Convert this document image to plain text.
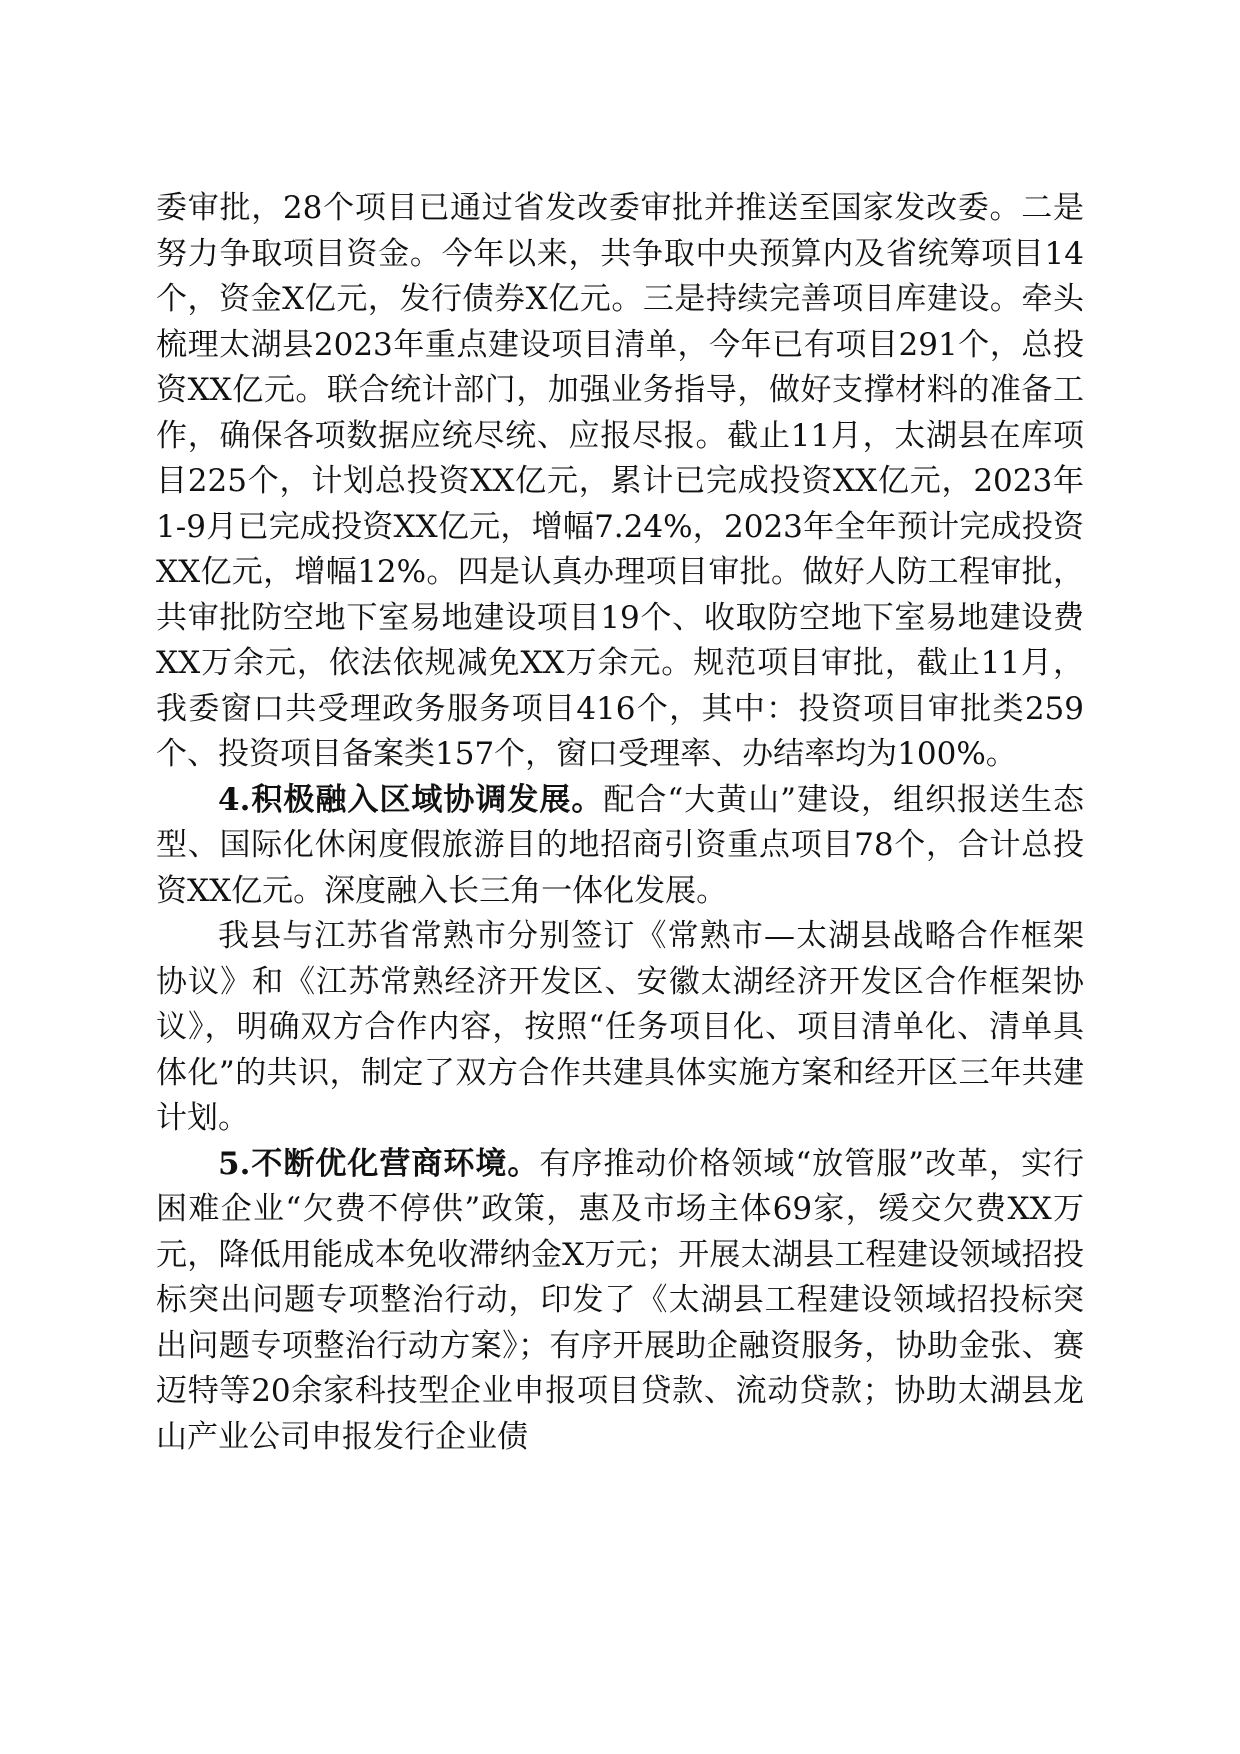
委审批，28个项目已通过省发改委审批并推送至国家发改委。二是努力争取项目资金。今年以来，共争取中央预算内及省统筹项目14个，资金X亿元，发行债券X亿元。三是持续完善项目库建设。牵头梳理太湖县2023年重点建设项目清单，今年已有项目291个，总投资XX亿元。联合统计部门，加强业务指导，做好支撑材料的准备工作，确保各项数据应统尽统、应报尽报。截止11月，太湖县在库项目225个，计划总投资XX亿元，累计已完成投资XX亿元，2023年1-9月已完成投资XX亿元，增幅7.24%，2023年全年预计完成投资XX亿元，增幅12%。四是认真办理项目审批。做好人防工程审批，共审批防空地下室易地建设项目19个、收取防空地下室易地建设费XX万余元，依法依规减免XX万余元。规范项目审批，截止11月，我委窗口共受理政务服务项目416个，其中：投资项目审批类259个、投资项目备案类157个，窗口受理率、办结率均为100%。

4.积极融入区域协调发展。配合“大黄山”建设，组织报送生态型、国际化休闲度假旅游目的地招商引资重点项目78个，合计总投资XX亿元。深度融入长三角一体化发展。

我县与江苏省常熟市分别签订《常熟市—太湖县战略合作框架协议》和《江苏常熟经济开发区、安徽太湖经济开发区合作框架协议》，明确双方合作内容，按照“任务项目化、项目清单化、清单具体化”的共识，制定了双方合作共建具体实施方案和经开区三年共建计划。

5.不断优化营商环境。有序推动价格领域“放管服”改革，实行困难企业“欠费不停供”政策，惠及市场主体69家，缓交欠费XX万元，降低用能成本免收滞纳金X万元；开展太湖县工程建设领域招投标突出问题专项整治行动，印发了《太湖县工程建设领域招投标突出问题专项整治行动方案》；有序开展助企融资服务，协助金张、赛迈特等20余家科技型企业申报项目贷款、流动贷款；协助太湖县龙山产业公司申报发行企业债
